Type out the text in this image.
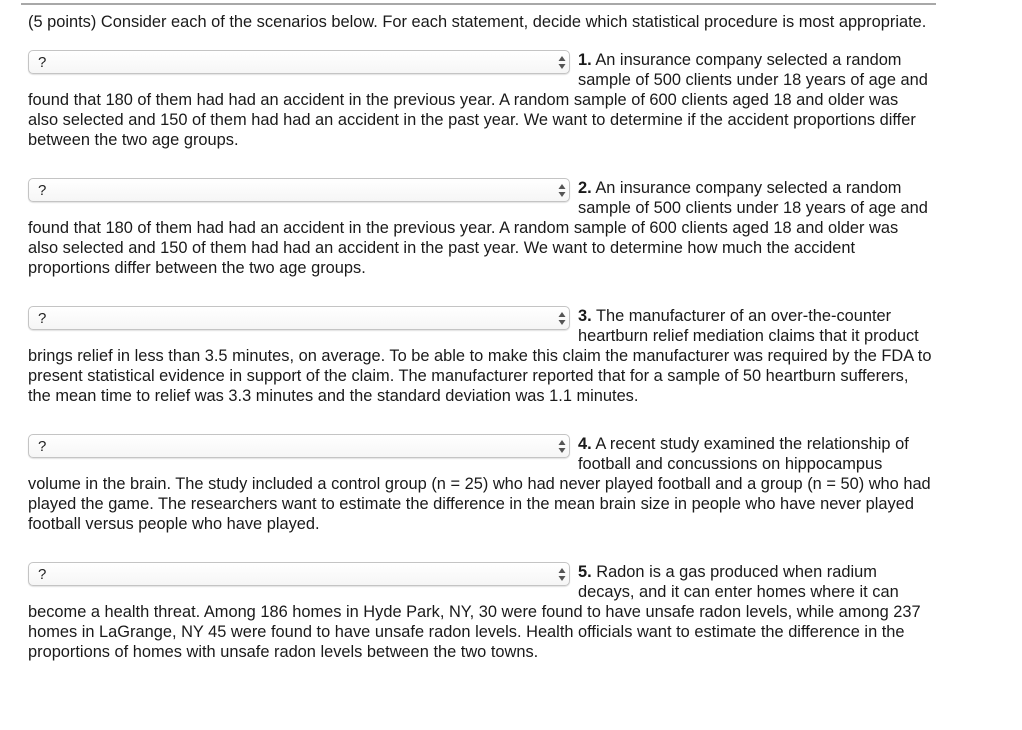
(5 points) Consider each of the scenarios below. For each statement, decide which statistical procedure is most appropriate.

?	1. An insurance company selected a random sample of 500 clients under 18 years of age and found that 180 of them had had an accident in the previous year. A random sample of 600 clients aged 18 and older was also selected and 150 of them had had an accident in the past year. We want to determine if the accident proportions differ between the two age groups.
?	2. An insurance company selected a random sample of 500 clients under 18 years of age and found that 180 of them had had an accident in the previous year. A random sample of 600 clients aged 18 and older was also selected and 150 of them had had an accident in the past year. We want to determine how much the accident proportions differ between the two age groups.
?	3. The manufacturer of an over-the-counter heartburn relief mediation claims that it product brings relief in less than 3.5 minutes, on average. To be able to make this claim the manufacturer was required by the FDA to present statistical evidence in support of the claim. The manufacturer reported that for a sample of 50 heartburn sufferers, the mean time to relief was 3.3 minutes and the standard deviation was 1.1 minutes.
?	4. A recent study examined the relationship of football and concussions on hippocampus volume in the brain. The study included a control group (n = 25) who had never played football and a group (n = 50) who had played the game. The researchers want to estimate the difference in the mean brain size in people who have never played football versus people who have played.
?	5. Radon is a gas produced when radium decays, and it can enter homes where it can become a health threat. Among 186 homes in Hyde Park, NY, 30 were found to have unsafe radon levels, while among 237 homes in LaGrange, NY 45 were found to have unsafe radon levels. Health officials want to estimate the difference in the proportions of homes with unsafe radon levels between the two towns.
